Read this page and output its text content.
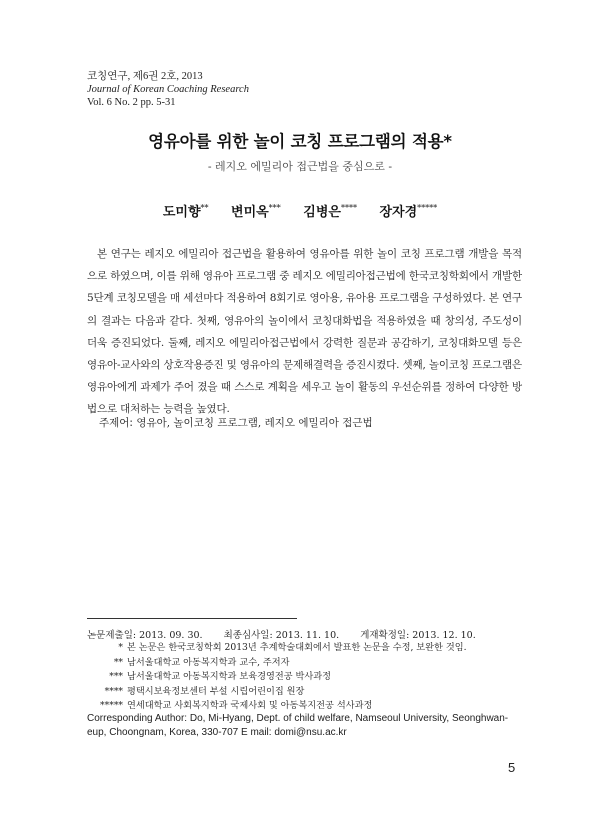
코칭연구, 제6권 2호, 2013
Journal of Korean Coaching Research
Vol. 6 No. 2 pp. 5-31
영유아를 위한 놀이 코칭 프로그램의 적용*
- 레지오 에밀리아 접근법을 중심으로 -
도미향** 변미옥*** 김병은**** 장자경*****
본 연구는 레지오 에밀리아 접근법을 활용하여 영유아를 위한 놀이 코칭 프로그램 개발을 목적으로 하였으며, 이를 위해 영유아 프로그램 중 레지오 에밀리아접근법에 한국코칭학회에서 개발한 5단계 코칭모델을 매 세션마다 적용하여 8회기로 영아용, 유아용 프로그램을 구성하였다. 본 연구의 결과는 다음과 같다. 첫째, 영유아의 놀이에서 코칭대화법을 적용하였을 때 창의성, 주도성이 더욱 증진되었다. 둘째, 레지오 에밀리아접근법에서 강력한 질문과 공감하기, 코칭대화모델 등은 영유아-교사와의 상호작용증진 및 영유아의 문제해결력을 증진시켰다. 셋째, 놀이코칭 프로그램은 영유아에게 과제가 주어 졌을 때 스스로 계획을 세우고 놀이 활동의 우선순위를 정하여 다양한 방법으로 대처하는 능력을 높였다.
주제어: 영유아, 놀이코칭 프로그램, 레지오 에밀리아 접근법
논문제출일: 2013. 09. 30. 최종심사일: 2013. 11. 10. 게재확정일: 2013. 12. 10.
* 본 논문은 한국코칭학회 2013년 추계학술대회에서 발표한 논문을 수정, 보완한 것임.
** 남서울대학교 아동복지학과 교수, 주저자
*** 남서울대학교 아동복지학과 보육경영전공 박사과정
**** 평택시보육정보센터 부설 시립어린이집 원장
***** 연세대학교 사회복지학과 국제사회 및 아동복지전공 석사과정
Corresponding Author: Do, Mi-Hyang, Dept. of child welfare, Namseoul University, Seonghwan-eup, Choongnam, Korea, 330-707 E mail: domi@nsu.ac.kr
5
